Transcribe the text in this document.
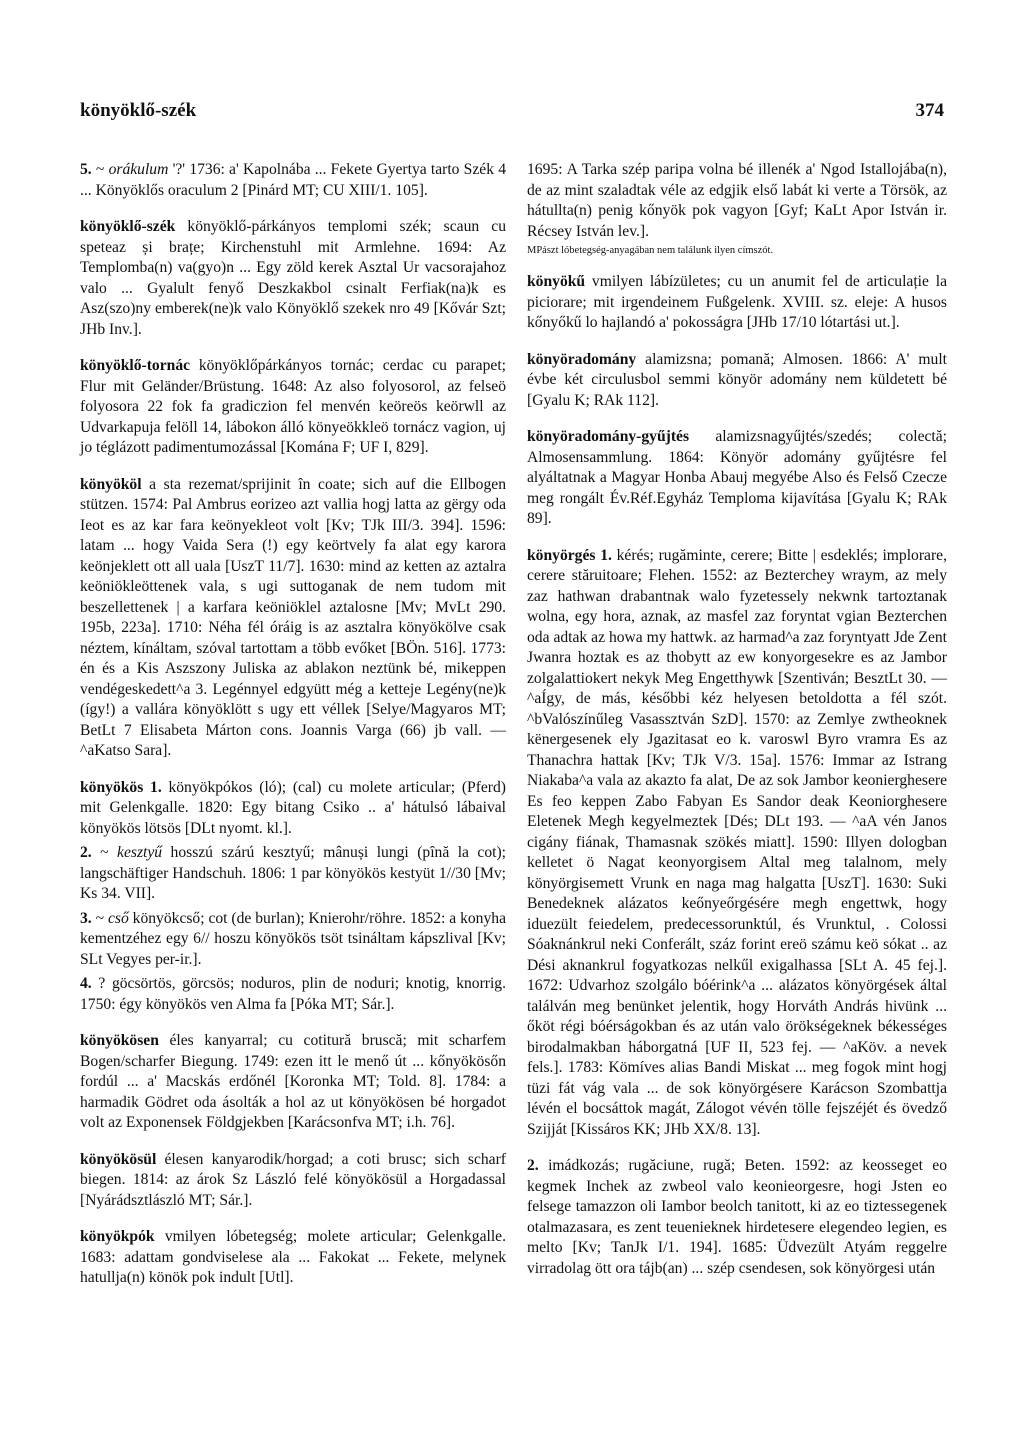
könyöklő-szék	374

5. ~ orákulum '?' 1736: a' Kapolnába ... Fekete Gyertya tarto Szék 4 ... Könyöklős oraculum 2 [Pinárd MT; CU XIII/1. 105].

könyöklő-szék könyöklő-párkányos templomi szék; scaun cu speteaz și brațe; Kirchenstuhl mit Armlehne. 1694: Az Templomba(n) va(gyo)n ... Egy zöld kerek Asztal Ur vacsorajahoz valo ... Gyalult fenyő Deszkakbol csinalt Ferfiak(na)k es Asz(szo)ny emberek(ne)k valo Könyöklő szekek nro 49 [Kővár Szt; JHb Inv.].

könyöklő-tornác könyöklőpárkányos tornác; cerdac cu parapet; Flur mit Geländer/Brüstung. 1648: Az also folyosorol, az felseö folyosora 22 fok fa gradiczion fel menvén keöreös keörwll az Udvarkapuja felöll 14, lábokon álló könyeökkleö tornácz vagion, uj jo téglázott padimentumozással [Komána F; UF I, 829].

könyököl a sta rezemat/sprijinit în coate; sich auf die Ellbogen stützen. 1574: Pal Ambrus eorizeo azt vallia hogj latta az gërgy oda Ieot es az kar fara keönyekleot volt [Kv; TJk III/3. 394]. 1596: latam ... hogy Vaida Sera (!) egy keörtvely fa alat egy karora keönjeklett ott all uala [UszT 11/7]. 1630: mind az ketten az aztalra keöniökleöttenek vala, s ugi suttoganak de nem tudom mit beszellettenek | a karfara keöniöklel aztalosne [Mv; MvLt 290. 195b, 223a]. 1710: Néha fél óráig is az asztalra könyökölve csak néztem, kínáltam, szóval tartottam a több evőket [BÖn. 516]. 1773: én és a Kis Aszszony Juliska az ablakon neztünk bé, mikeppen vendégeskedett^a 3. Legénnyel edgyütt még a ketteje Legény(ne)k (így!) a vallára könyöklött s ugy ett véllek [Selye/Magyaros MT; BetLt 7 Elisabeta Márton cons. Joannis Varga (66) jb vall. — ^aKatso Sara].

könyökös 1. könyökpókos (ló); (cal) cu molete articular; (Pferd) mit Gelenkgalle. 1820: Egy bitang Csiko .. a' hátulsó lábaival könyökös lötsös [DLt nyomt. kl.].

2. ~ kesztyű hosszú szárú kesztyű; mânuși lungi (pînă la cot); langschäftiger Handschuh. 1806: 1 par könyökös kestyüt 1//30 [Mv; Ks 34. VII].

3. ~ cső könyökcső; cot (de burlan); Knierohr/röhre. 1852: a konyha kementzéhez egy 6// hoszu könyökös tsöt tsináltam kápszlival [Kv; SLt Vegyes per-ir.].

4. ? göcsörtös, görcsös; noduros, plin de noduri; knotig, knorrig. 1750: égy könyökös ven Alma fa [Póka MT; Sár.].

könyökösen éles kanyarral; cu cotitură bruscă; mit scharfem Bogen/scharfer Biegung. 1749: ezen itt le menő út ... kőnyökösőn fordúl ... a' Macskás erdőnél [Koronka MT; Told. 8]. 1784: a harmadik Gödret oda ásolták a hol az ut könyökösen bé horgadot volt az Exponensek Földgjekben [Karácsonfva MT; i.h. 76].

könyökösül élesen kanyarodik/horgad; a coti brusc; sich scharf biegen. 1814: az árok Sz László felé könyökösül a Horgadassal [Nyárádsztlászló MT; Sár.].

könyökpók vmilyen lóbetegség; molete articular; Gelenkgalle. 1683: adattam gondviselese ala ... Fakokat ... Fekete, melynek hatullja(n) könök pok indult [Utl].

1695: A Tarka szép paripa volna bé illenék a' Ngod Istallojába(n), de az mint szaladtak véle az edgjik első labát ki verte a Törsök, az hátullta(n) penig kőnyök pok vagyon [Gyf; KaLt Apor István ir. Récsey István lev.].

MPászt lóbetegség-anyagában nem találunk ilyen címszót.

könyökű vmilyen lábízületes; cu un anumit fel de articulație la piciorare; mit irgendeinem Fußgelenk. XVIII. sz. eleje: A husos kőnyőkű lo hajlandó a' pokosságra [JHb 17/10 lótartási ut.].

könyöradomány alamizsna; pomană; Almosen. 1866: A' mult évbe két circulusbol semmi könyör adomány nem küldetett bé [Gyalu K; RAk 112].

könyöradomány-gyűjtés alamizsnagyűjtés/szedés; colectă; Almosensammlung. 1864: Könyör adomány gyűjtésre fel alyáltatnak a Magyar Honba Abauj megyébe Also és Felső Czecze meg rongált Év.Réf.Egyház Temploma kijavítása [Gyalu K; RAk 89].

könyörgés 1. kérés; rugăminte, cerere; Bitte | esdeklés; implorare, cerere stăruitoare; Flehen. 1552: az Bezterchey wraym, az mely zaz hathwan drabantnak walo fyzetessely nekwnk tartoztanak wolna, egy hora, aznak, az masfel zaz foryntat vgian Bezterchen oda adtak az howa my hattwk. az harmad^a zaz foryntyatt Jde Zent Jwanra hoztak es az thobytt az ew konyorgesekre es az Jambor zolgalattiokert nekyk Meg Engetthywk [Szentiván; BesztLt 30. — ^aÍgy, de más, későbbi kéz helyesen betoldotta a fél szót. ^bValószínűleg Vasassztván SzD]. 1570: az Zemlye zwtheoknek kënergesenek ely Jgazitasat eo k. varoswl Byro vramra Es az Thanachra hattak [Kv; TJk V/3. 15a]. 1576: Immar az Istrang Niakaba^a vala az akazto fa alat, De az sok Jambor keonierghesere Es feo keppen Zabo Fabyan Es Sandor deak Keoniorghesere Eletenek Megh kegyelmeztek [Dés; DLt 193. — ^aA vén Janos cigány fiának, Thamasnak szökés miatt]. 1590: Illyen dologban kelletet ö Nagat keonyorgisem Altal meg talalnom, mely könyörgisemett Vrunk en naga mag halgatta [UszT]. 1630: Suki Benedeknek alázatos keőnyeőrgésére megh engettwk, hogy iduezült feiedelem, predecessorunktúl, és Vrunktul, . Colossi Sóaknánkrul neki Conferált, száz forint ereö számu keö sókat .. az Dési aknankrul fogyatkozas nelkűl exigalhassa [SLt A. 45 fej.]. 1672: Udvarhoz szolgálo bóérink^a ... alázatos könyörgések által találván meg benünket jelentik, hogy Horváth András hivünk ... őköt régi bóérságokban és az után valo örökségeknek békességes birodalmakban háborgatná [UF II, 523 fej. — ^aKöv. a nevek fels.]. 1783: Kömíves alias Bandi Miskat ... meg fogok mint hogj tüzi fát vág vala ... de sok könyörgésere Karácson Szombattja lévén el bocsáttok magát, Zálogot vévén tölle fejszéjét és övedző Szijját [Kissáros KK; JHb XX/8. 13].

2. imádkozás; rugăciune, rugă; Beten. 1592: az keosseget eo kegmek Inchek az zwbeol valo keonieorgesre, hogi Jsten eo felsege tamazzon oli Iambor beolch tanitott, ki az eo tiztessegenek otalmazasara, es zent teuenieknek hirdetesere elegendeo legien, es melto [Kv; TanJk I/1. 194]. 1685: Üdvezült Atyám reggelre virradolag ött ora tájb(an) ... szép csendesen, sok könyörgesi után
